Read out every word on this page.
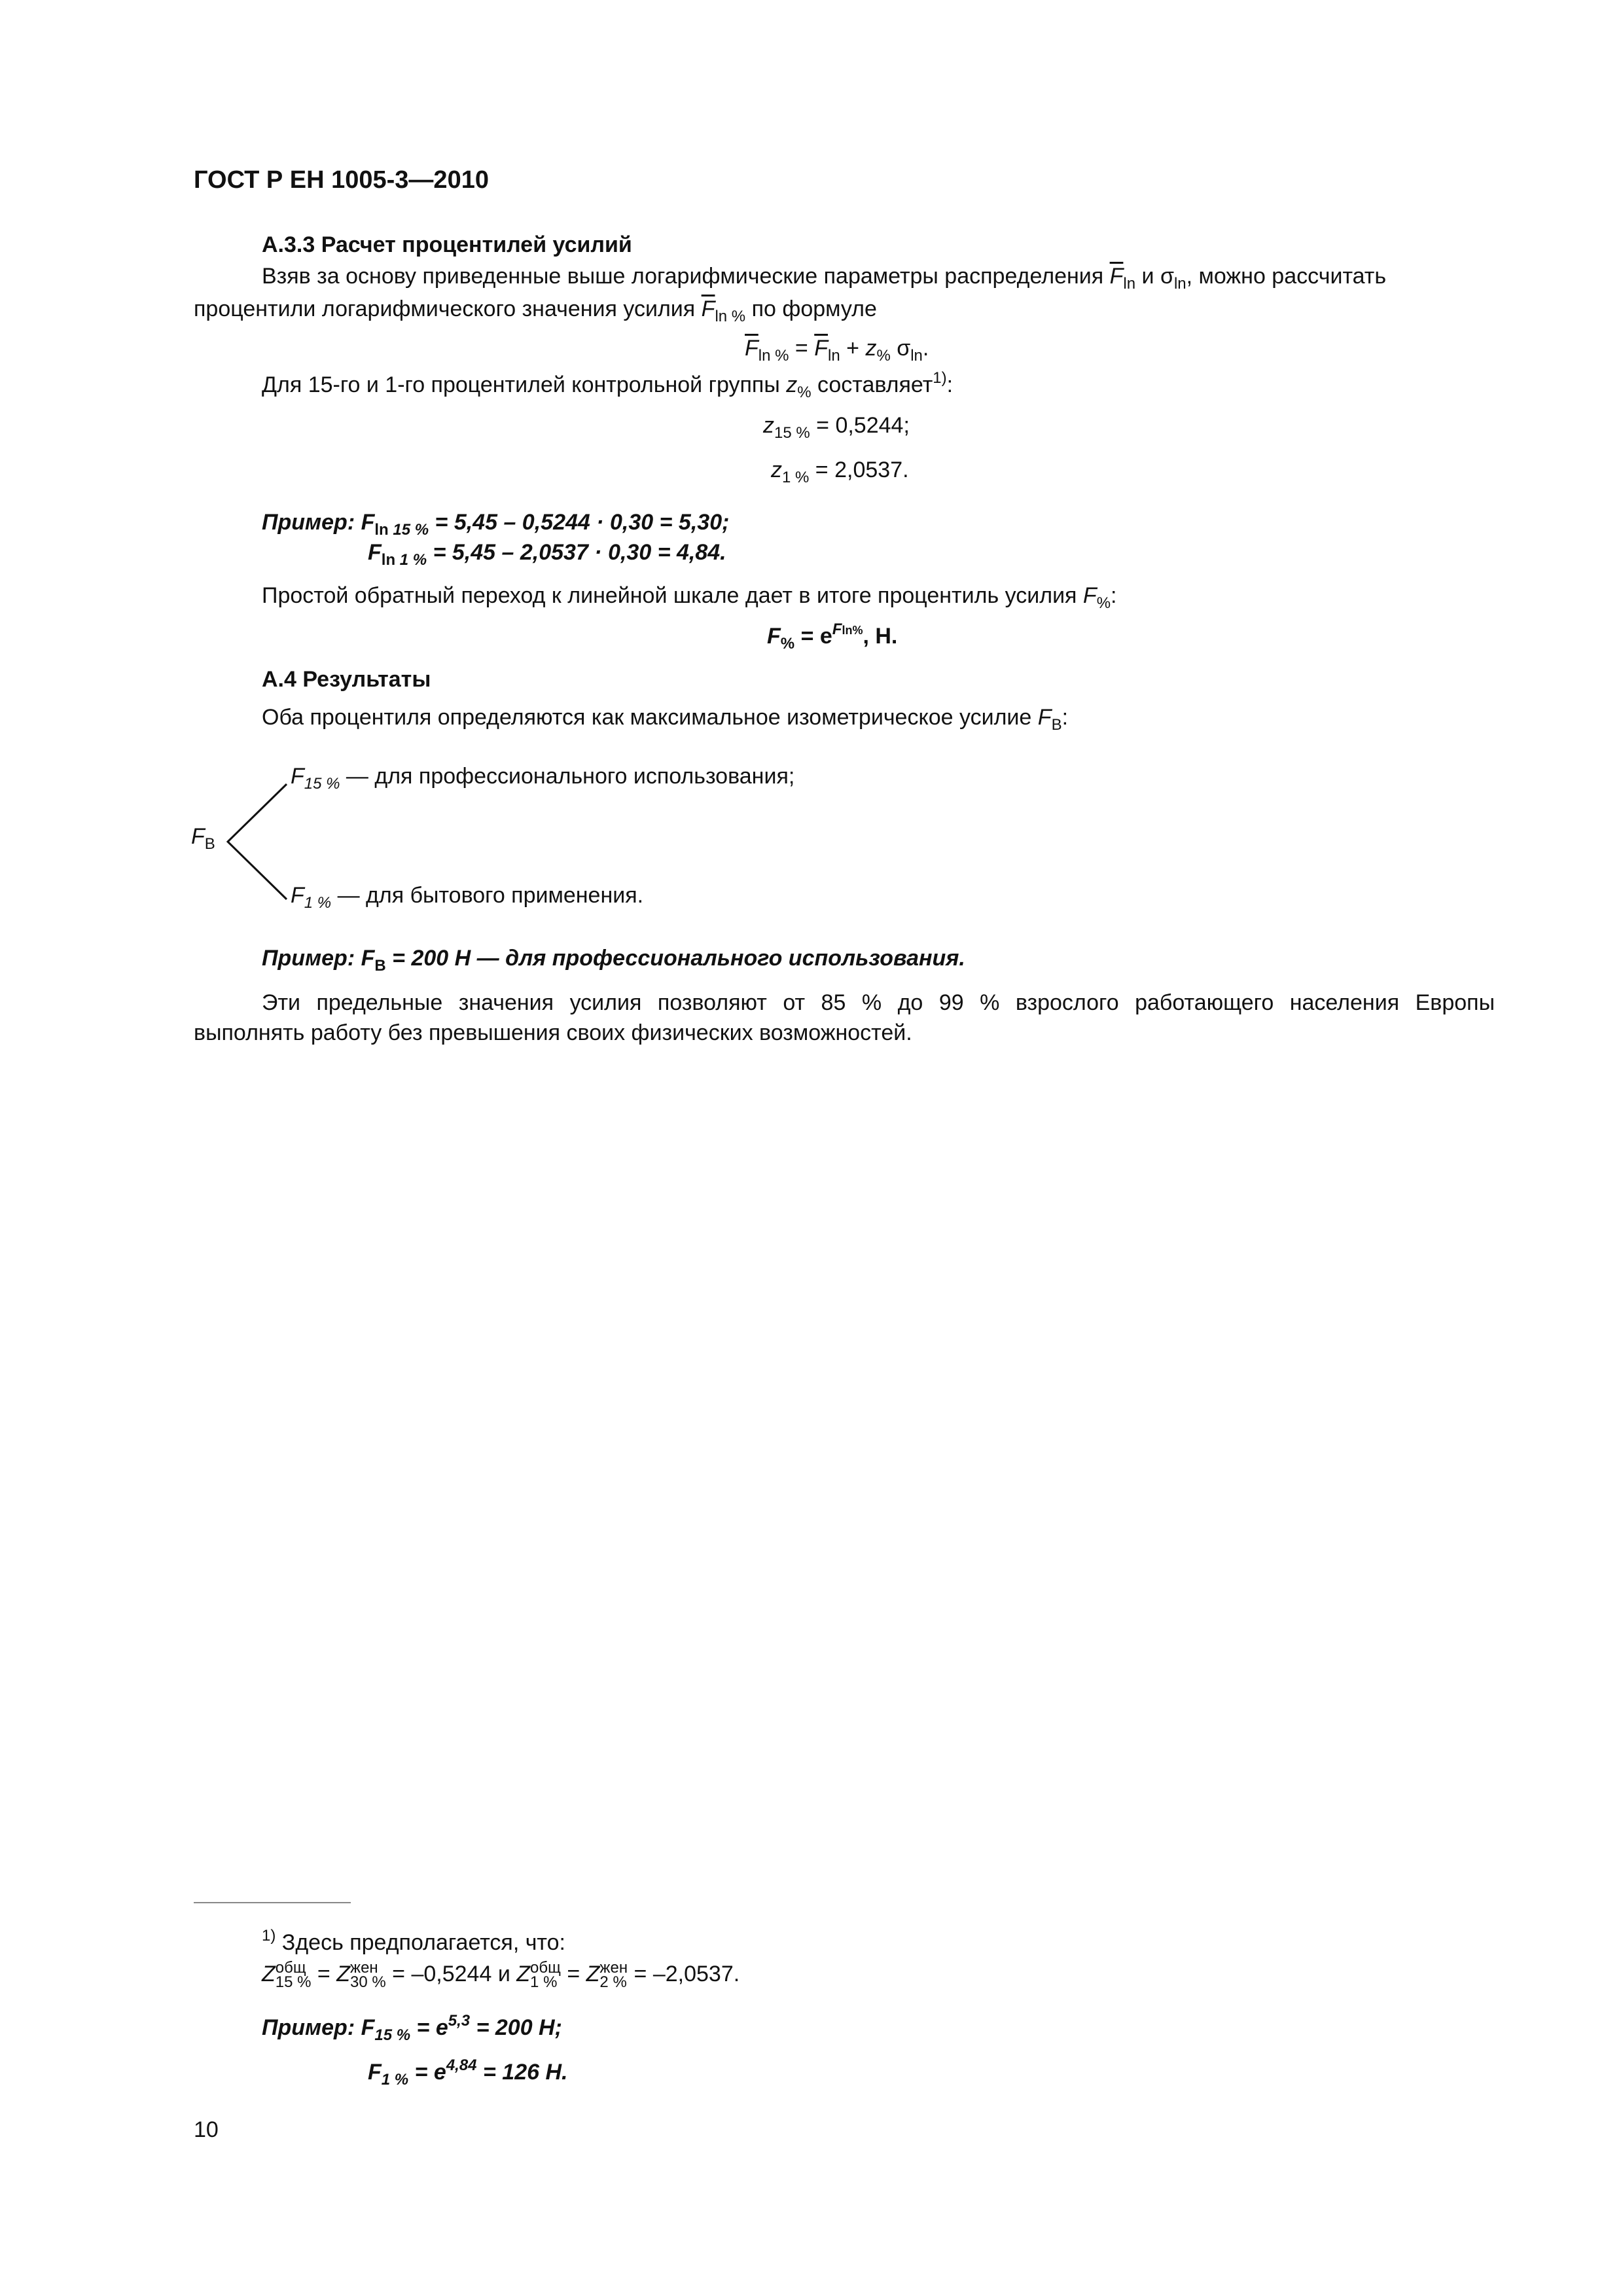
ГОСТ Р ЕН 1005-3—2010
А.3.3 Расчет процентилей усилий
Взяв за основу приведенные выше логарифмические параметры распределения $\overline{F}_{ln}$ и $\sigma_{ln}$, можно рассчитать
процентили логарифмического значения усилия $\overline{F}_{ln \%}$ по формуле
$\overline{F}_{ln \%} = \overline{F}_{ln} + z_{\%}$ $\sigma_{ln}$.
Для 15-го и 1-го процентилей контрольной группы $z_{\%}$ составляет$^{1)}$:
$z_{15 \%} = 0,5244$;
$z_{1 \%} = 2,0537$.
Пример: $F_{ln}$ $_{15 \%}$ = 5,45 – 0,5244 · 0,30 = 5,30;
$F_{ln}$ $_{1 \%}$ = 5,45 – 2,0537 · 0,30 = 4,84.
Простой обратный переход к линейной шкале дает в итоге процентиль усилия $F_{\%}$:
$F_{\%} = e^{Fln\%}$, Н.
А.4 Результаты
Оба процентиля определяются как максимальное изометрическое усилие $F_B$:
$F_B$
$F_{15 \%}$ — для профессионального использования;
$F_{1 \%}$ — для бытового применения.
Пример: $F_B = 200$ Н — для профессионального использования.
Эти предельные значения усилия позволяют от 85 % до 99 % взрослого работающего населения Европы
выполнять работу без превышения своих физических возможностей.
$^{1)}$ Здесь предполагается, что:
Zобщ
15 % = Zжен
30 % = –0,5244 и Zобщ
1 % = Zжен
2 % = –2,0537.
Пример: $F_{15 \%} = e^{5,3} = 200$ Н;
$F_{1 \%} = e^{4,84} = 126$ Н.
10
